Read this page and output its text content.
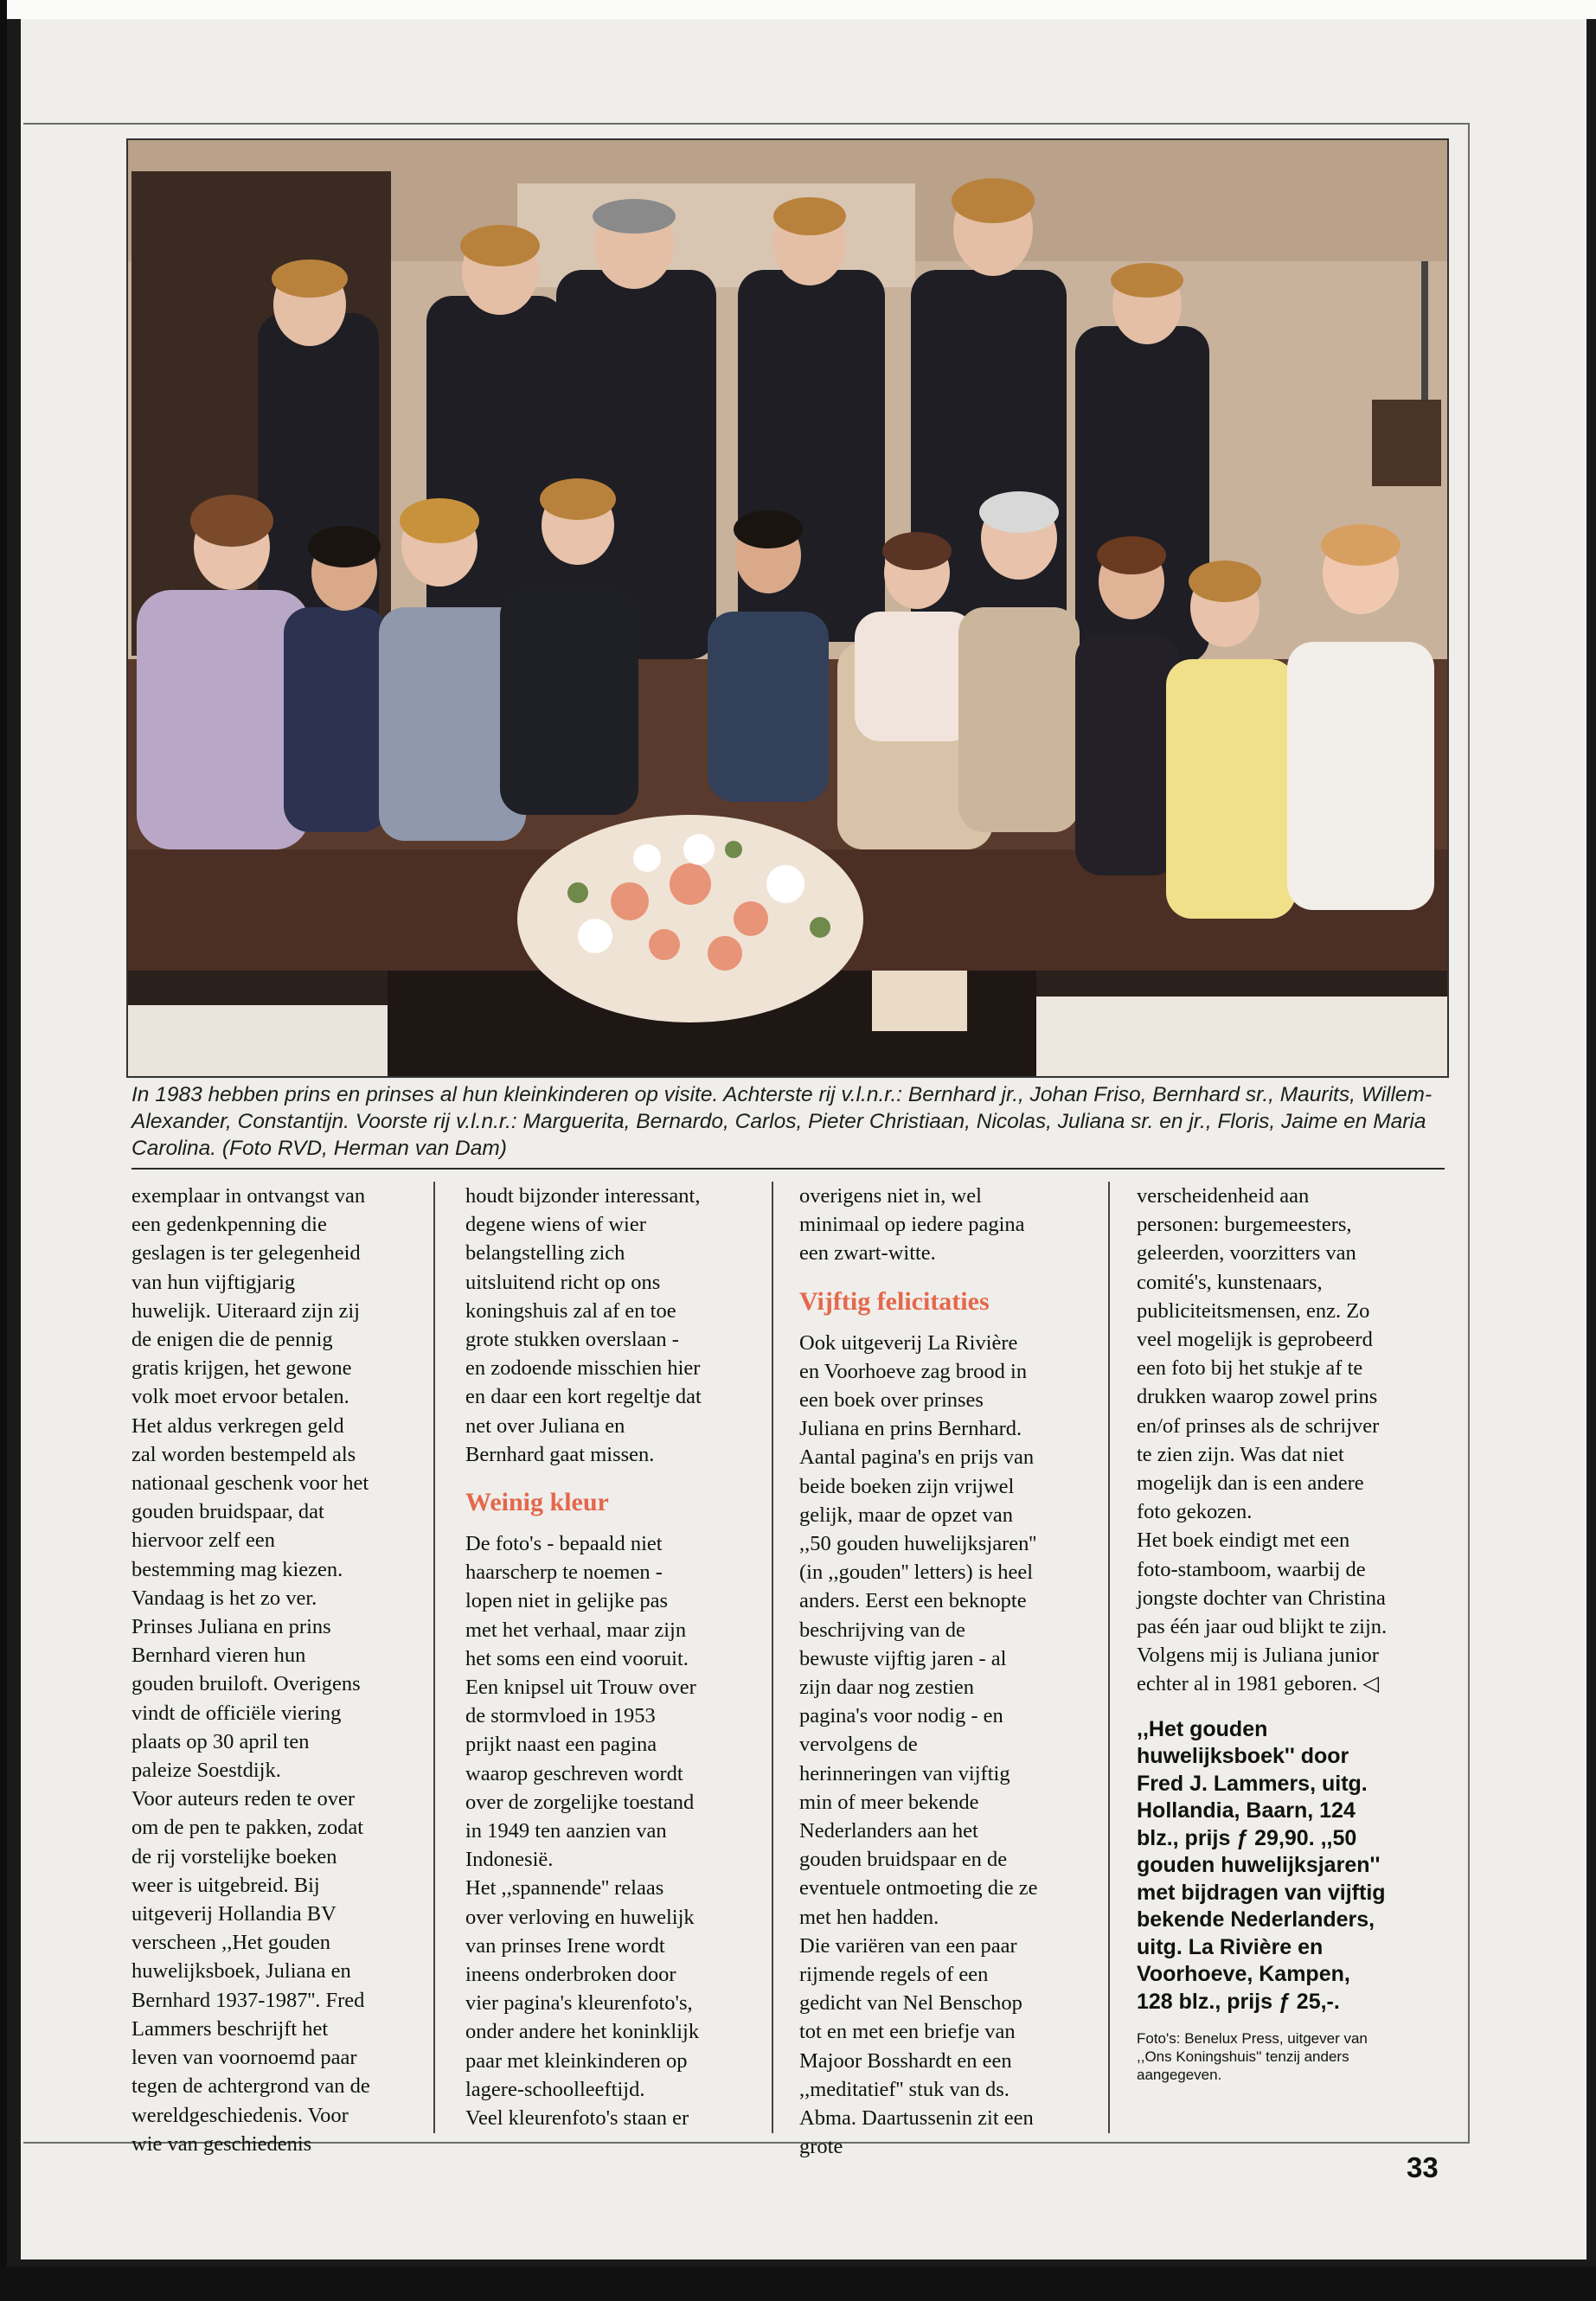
In 1983 hebben prins en prinses al hun kleinkinderen op visite. Achterste rij v.l.n.r.: Bernhard jr., Johan Friso, Bernhard sr., Maurits, Willem-Alexander, Constantijn. Voorste rij v.l.n.r.: Marguerita, Bernardo, Carlos, Pieter Christiaan, Nicolas, Juliana sr. en jr., Floris, Jaime en Maria Carolina. (Foto RVD, Herman van Dam)

exemplaar in ontvangst van een gedenkpenning die geslagen is ter gelegenheid van hun vijftigjarig huwelijk. Uiteraard zijn zij de enigen die de pennig gratis krijgen, het gewone volk moet ervoor betalen. Het aldus verkregen geld zal worden bestempeld als nationaal geschenk voor het gouden bruidspaar, dat hiervoor zelf een bestemming mag kiezen.

Vandaag is het zo ver. Prinses Juliana en prins Bernhard vieren hun gouden bruiloft. Overigens vindt de officiële viering plaats op 30 april ten paleize Soestdijk.

Voor auteurs reden te over om de pen te pakken, zodat de rij vorstelijke boeken weer is uitgebreid. Bij uitgeverij Hollandia BV verscheen ,,Het gouden huwelijksboek, Juliana en Bernhard 1937-1987''. Fred Lammers beschrijft het leven van voornoemd paar tegen de achtergrond van de wereldgeschiedenis. Voor wie van geschiedenis

houdt bijzonder interessant, degene wiens of wier belangstelling zich uitsluitend richt op ons koningshuis zal af en toe grote stukken overslaan - en zodoende misschien hier en daar een kort regeltje dat net over Juliana en Bernhard gaat missen.

Weinig kleur

De foto's - bepaald niet haarscherp te noemen - lopen niet in gelijke pas met het verhaal, maar zijn het soms een eind vooruit. Een knipsel uit Trouw over de stormvloed in 1953 prijkt naast een pagina waarop geschreven wordt over de zorgelijke toestand in 1949 ten aanzien van Indonesië.

Het ,,spannende'' relaas over verloving en huwelijk van prinses Irene wordt ineens onderbroken door vier pagina's kleurenfoto's, onder andere het koninklijk paar met kleinkinderen op lagere-schoolleeftijd.

Veel kleurenfoto's staan er

overigens niet in, wel minimaal op iedere pagina een zwart-witte.

Vijftig felicitaties

Ook uitgeverij La Rivière en Voorhoeve zag brood in een boek over prinses Juliana en prins Bernhard. Aantal pagina's en prijs van beide boeken zijn vrijwel gelijk, maar de opzet van ,,50 gouden huwelijksjaren'' (in ,,gouden'' letters) is heel anders. Eerst een beknopte beschrijving van de bewuste vijftig jaren - al zijn daar nog zestien pagina's voor nodig - en vervolgens de herinneringen van vijftig min of meer bekende Nederlanders aan het gouden bruidspaar en de eventuele ontmoeting die ze met hen hadden.

Die variëren van een paar rijmende regels of een gedicht van Nel Benschop tot en met een briefje van Majoor Bosshardt en een ,,meditatief'' stuk van ds. Abma. Daartussenin zit een grote

verscheidenheid aan personen: burgemeesters, geleerden, voorzitters van comité's, kunstenaars, publiciteitsmensen, enz. Zo veel mogelijk is geprobeerd een foto bij het stukje af te drukken waarop zowel prins en/of prinses als de schrijver te zien zijn. Was dat niet mogelijk dan is een andere foto gekozen.

Het boek eindigt met een foto-stamboom, waarbij de jongste dochter van Christina pas één jaar oud blijkt te zijn. Volgens mij is Juliana junior echter al in 1981 geboren. ◁

,,Het gouden huwelijksboek'' door Fred J. Lammers, uitg. Hollandia, Baarn, 124 blz., prijs ƒ 29,90. ,,50 gouden huwelijksjaren'' met bijdragen van vijftig bekende Nederlanders, uitg. La Rivière en Voorhoeve, Kampen, 128 blz., prijs ƒ 25,-.

Foto's: Benelux Press, uitgever van ,,Ons Koningshuis'' tenzij anders aangegeven.

33
